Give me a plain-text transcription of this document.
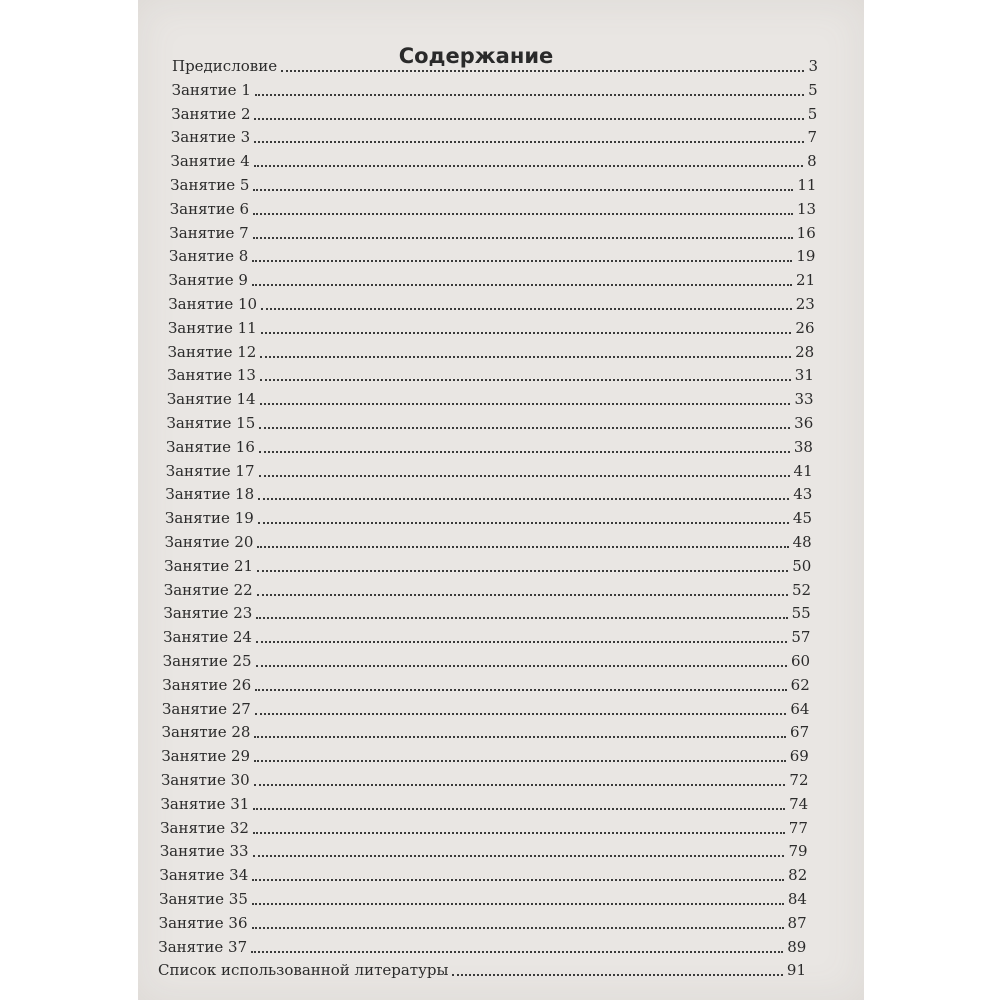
Содержание
Предисловие	3
Занятие 1	5
Занятие 2	5
Занятие 3	7
Занятие 4	8
Занятие 5	11
Занятие 6	13
Занятие 7	16
Занятие 8	19
Занятие 9	21
Занятие 10	23
Занятие 11	26
Занятие 12	28
Занятие 13	31
Занятие 14	33
Занятие 15	36
Занятие 16	38
Занятие 17	41
Занятие 18	43
Занятие 19	45
Занятие 20	48
Занятие 21	50
Занятие 22	52
Занятие 23	55
Занятие 24	57
Занятие 25	60
Занятие 26	62
Занятие 27	64
Занятие 28	67
Занятие 29	69
Занятие 30	72
Занятие 31	74
Занятие 32	77
Занятие 33	79
Занятие 34	82
Занятие 35	84
Занятие 36	87
Занятие 37	89
Список использованной литературы	91
